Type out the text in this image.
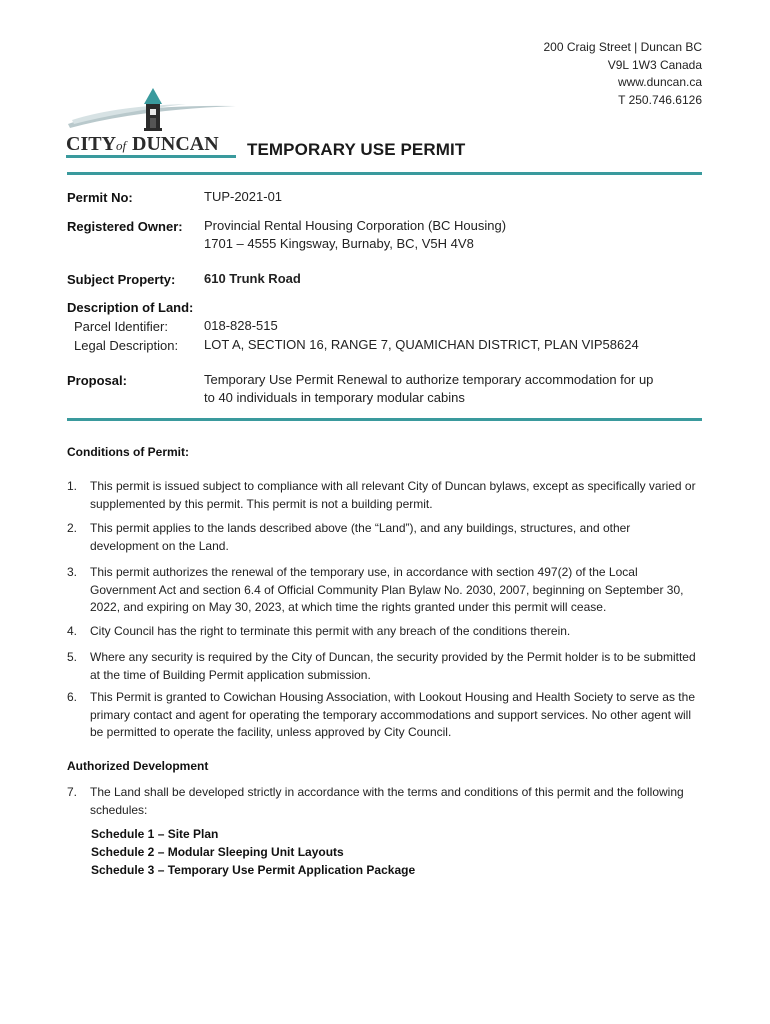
200 Craig Street | Duncan BC
V9L 1W3 Canada
www.duncan.ca
T 250.746.6126
CITY of DUNCAN TEMPORARY USE PERMIT
Permit No:	TUP-2021-01
Registered Owner: Provincial Rental Housing Corporation (BC Housing)
1701 – 4555 Kingsway, Burnaby, BC, V5H 4V8
Subject Property: 610 Trunk Road
Description of Land:
Parcel Identifier:	018-828-515
Legal Description: LOT A, SECTION 16, RANGE 7, QUAMICHAN DISTRICT, PLAN VIP58624
Proposal:	Temporary Use Permit Renewal to authorize temporary accommodation for up
to 40 individuals in temporary modular cabins
Conditions of Permit:
1.	This permit is issued subject to compliance with all relevant City of Duncan bylaws, except as specifically varied or supplemented by this permit. This permit is not a building permit.
2.	This permit applies to the lands described above (the “Land”), and any buildings, structures, and other development on the Land.
3.	This permit authorizes the renewal of the temporary use, in accordance with section 497(2) of the Local Government Act and section 6.4 of Official Community Plan Bylaw No. 2030, 2007, beginning on September 30, 2022, and expiring on May 30, 2023, at which time the rights granted under this permit will cease.
4.	City Council has the right to terminate this permit with any breach of the conditions therein.
5.	Where any security is required by the City of Duncan, the security provided by the Permit holder is to be submitted at the time of Building Permit application submission.
6.	This Permit is granted to Cowichan Housing Association, with Lookout Housing and Health Society to serve as the primary contact and agent for operating the temporary accommodations and support services. No other agent will be permitted to operate the facility, unless approved by City Council.
Authorized Development
7.	The Land shall be developed strictly in accordance with the terms and conditions of this permit and the following schedules:
Schedule 1 – Site Plan
Schedule 2 – Modular Sleeping Unit Layouts
Schedule 3 – Temporary Use Permit Application Package
